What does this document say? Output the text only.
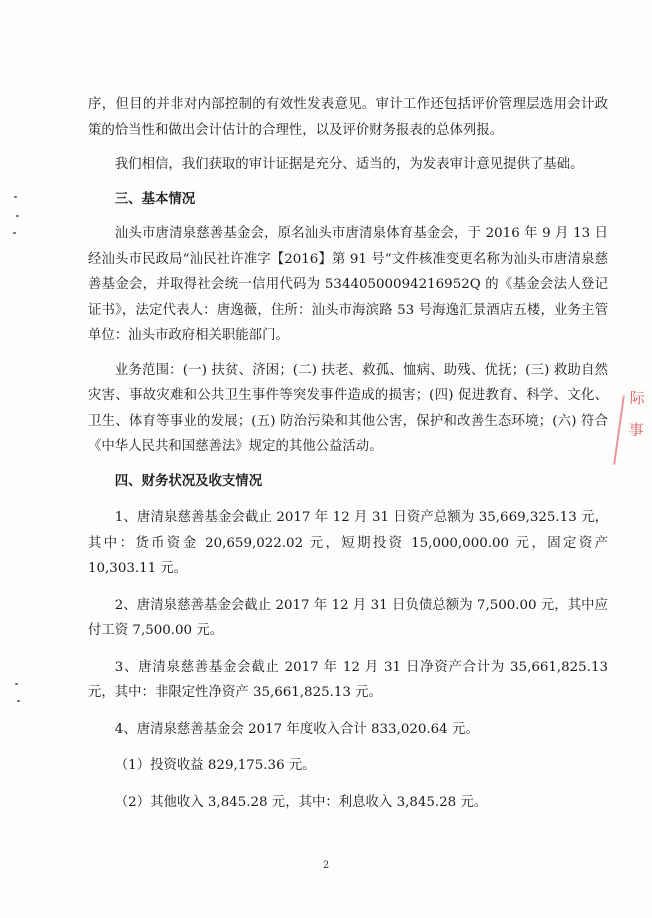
序，但目的并非对内部控制的有效性发表意见。审计工作还包括评价管理层选用会计政策的恰当性和做出会计估计的合理性，以及评价财务报表的总体列报。

我们相信，我们获取的审计证据是充分、适当的，为发表审计意见提供了基础。

三、基本情况

汕头市唐清泉慈善基金会，原名汕头市唐清泉体育基金会，于 2016 年 9 月 13 日经汕头市民政局“汕民社许准字【2016】第 91 号”文件核准变更名称为汕头市唐清泉慈善基金会，并取得社会统一信用代码为 53440500094216952Q 的《基金会法人登记证书》，法定代表人：唐逸薇，住所：汕头市海滨路 53 号海逸汇景酒店五楼，业务主管单位：汕头市政府相关职能部门。

业务范围：(一) 扶贫、济困；(二) 扶老、救孤、恤病、助残、优抚；(三) 救助自然灾害、事故灾难和公共卫生事件等突发事件造成的损害；(四) 促进教育、科学、文化、卫生、体育等事业的发展；(五) 防治污染和其他公害，保护和改善生态环境；(六) 符合《中华人民共和国慈善法》规定的其他公益活动。

四、财务状况及收支情况

1、唐清泉慈善基金会截止 2017 年 12 月 31 日资产总额为 35,669,325.13 元，其中：货币资金 20,659,022.02 元，短期投资 15,000,000.00 元，固定资产 10,303.11 元。

2、唐清泉慈善基金会截止 2017 年 12 月 31 日负债总额为 7,500.00 元，其中应付工资 7,500.00 元。

3、唐清泉慈善基金会截止 2017 年 12 月 31 日净资产合计为 35,661,825.13 元，其中：非限定性净资产 35,661,825.13 元。

4、唐清泉慈善基金会 2017 年度收入合计 833,020.64 元。

（1）投资收益 829,175.36 元。

（2）其他收入 3,845.28 元，其中：利息收入 3,845.28 元。

际 事
2
